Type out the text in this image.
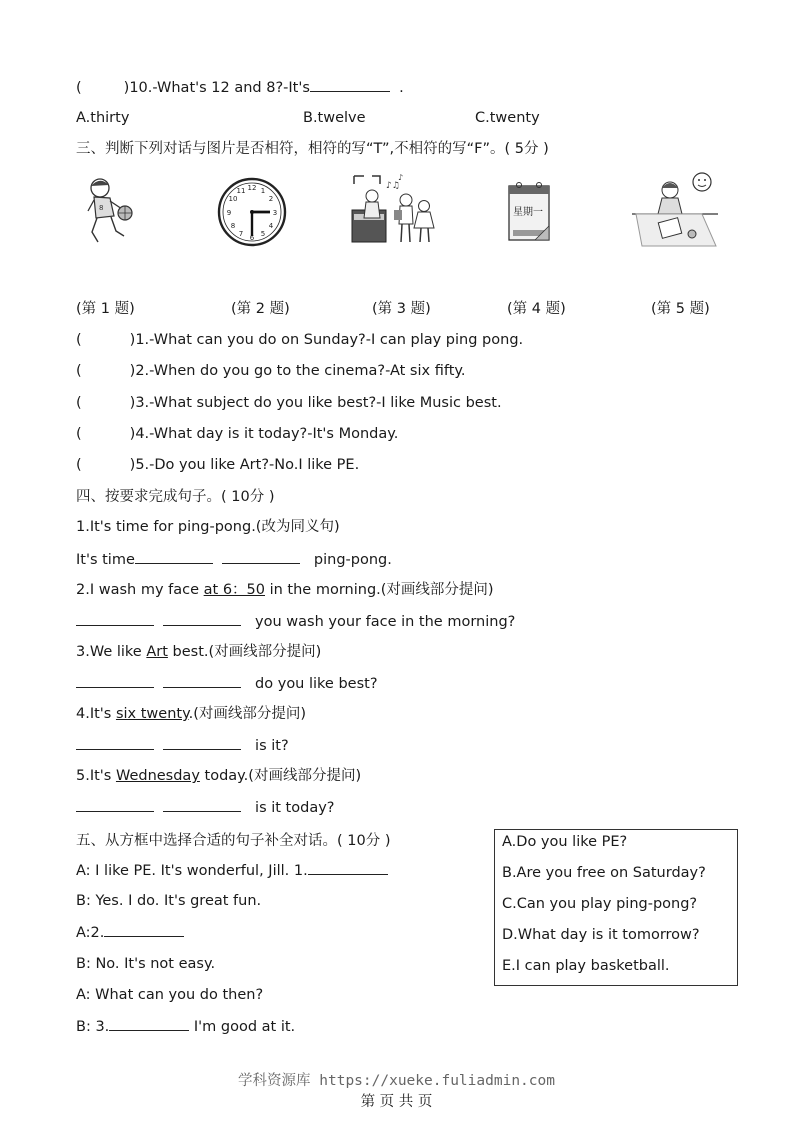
(	)10.-What's 12 and 8?-It's	.
A.thirty	B.twelve	C.twenty
三、判断下列对话与图片是否相符，相符的写“T”,不相符的写“F”。( 5分 )
8
12 1
2
3
4
5
6
7
8
9
10
11	♪♫
♪
星期一
(第 1 题)	(第 2 题)	(第 3 题)	(第 4 题)	(第 5 题)
(	)1.-What can you do on Sunday?-I can play ping pong.
(	)2.-When do you go to the cinema?-At six fifty.
(	)3.-What subject do you like best?-I like Music best.
(	)4.-What day is it today?-It's Monday.
(	)5.-Do you like Art?-No.I like PE.
四、按要求完成句子。( 10分 )
1.It's time for ping-pong.(改为同义句)
It's time	ping-pong.
2.I wash my face at 6：50 in the morning.(对画线部分提问)
you wash your face in the morning?
3.We like Art best.(对画线部分提问)
do you like best?
4.It's six twenty.(对画线部分提问)
is it?
5.It's Wednesday today.(对画线部分提问)
is it today?
五、从方框中选择合适的句子补全对话。( 10分 )
A: I like PE. It's wonderful, Jill. 1.
B: Yes. I do. It's great fun.
A:2.
B: No. It's not easy.
A: What can you do then?
B: 3.	I'm good at it.
A.Do you like PE?
B.Are you free on Saturday?
C.Can you play ping-pong?
D.What day is it tomorrow?
E.I can play basketball.
学科资源库 https://xueke.fuliadmin.com
第 页 共 页
